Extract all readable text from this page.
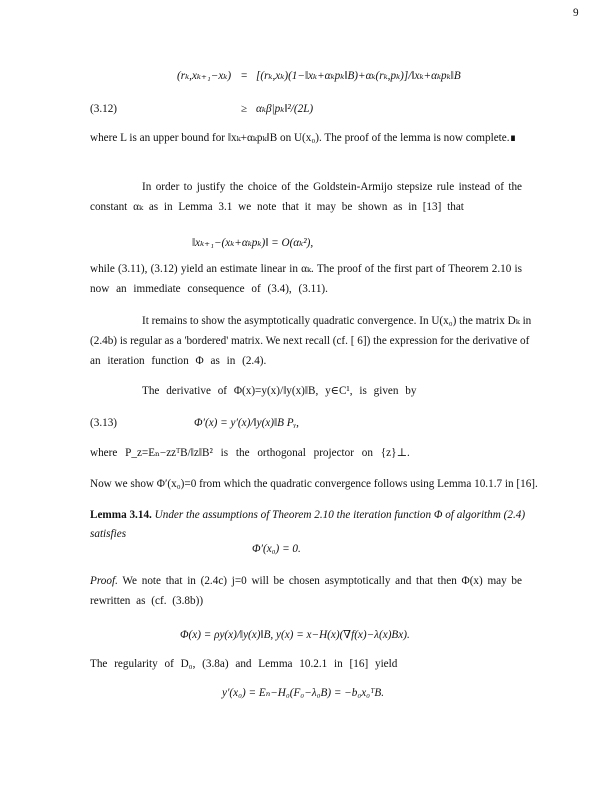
9
(rₖ,xₖ₊₁−xₖ) = [(rₖ,xₖ)(1−‖xₖ+αₖpₖ‖B)+αₖ(rₖ,pₖ)]/‖xₖ+αₖpₖ‖B
(3.12)	≥ αₖβ|pₖ‖²/(2L)
where L is an upper bound for ‖xₖ+αₖpₖ‖B on U(x₀). The proof of the lemma is now complete.∎
In order to justify the choice of the Goldstein-Armijo stepsize rule instead of the
constant αₖ as in Lemma 3.1 we note that it may be shown as in [13] that
‖xₖ₊₁−(xₖ+αₖpₖ)‖ = O(αₖ²),
while (3.11), (3.12) yield an estimate linear in αₖ. The proof of the first part of Theorem 2.10 is
now an immediate consequence of (3.4), (3.11).
It remains to show the asymptotically quadratic convergence. In U(x₀) the matrix Dₖ in
(2.4b) is regular as a 'bordered' matrix. We next recall (cf. [ 6]) the expression for the derivative of
an iteration function Φ as in (2.4).
The derivative of Φ(x)=y(x)/‖y(x)‖B, y∈C¹, is given by
(3.13)	Φ′(x) = y′(x)/‖y(x)‖B Pᵧ,
where P_z=Eₙ−zzᵀB/‖z‖B² is the orthogonal projector on {z}⊥.
Now we show Φ′(x₀)=0 from which the quadratic convergence follows using Lemma 10.1.7 in [16].
Lemma 3.14. Under the assumptions of Theorem 2.10 the iteration function Φ of algorithm (2.4)
satisfies
Φ′(x₀) = 0.
Proof. We note that in (2.4c) j=0 will be chosen asymptotically and that then Φ(x) may be
rewritten as (cf. (3.8b))
Φ(x) = ρy(x)/‖y(x)‖B, y(x) = x−H(x)(∇f(x)−λ(x)Bx).
The regularity of D₀, (3.8a) and Lemma 10.2.1 in [16] yield
y′(x₀) = Eₙ−H₀(F₀−λ₀B) = −b₀x₀ᵀB.
